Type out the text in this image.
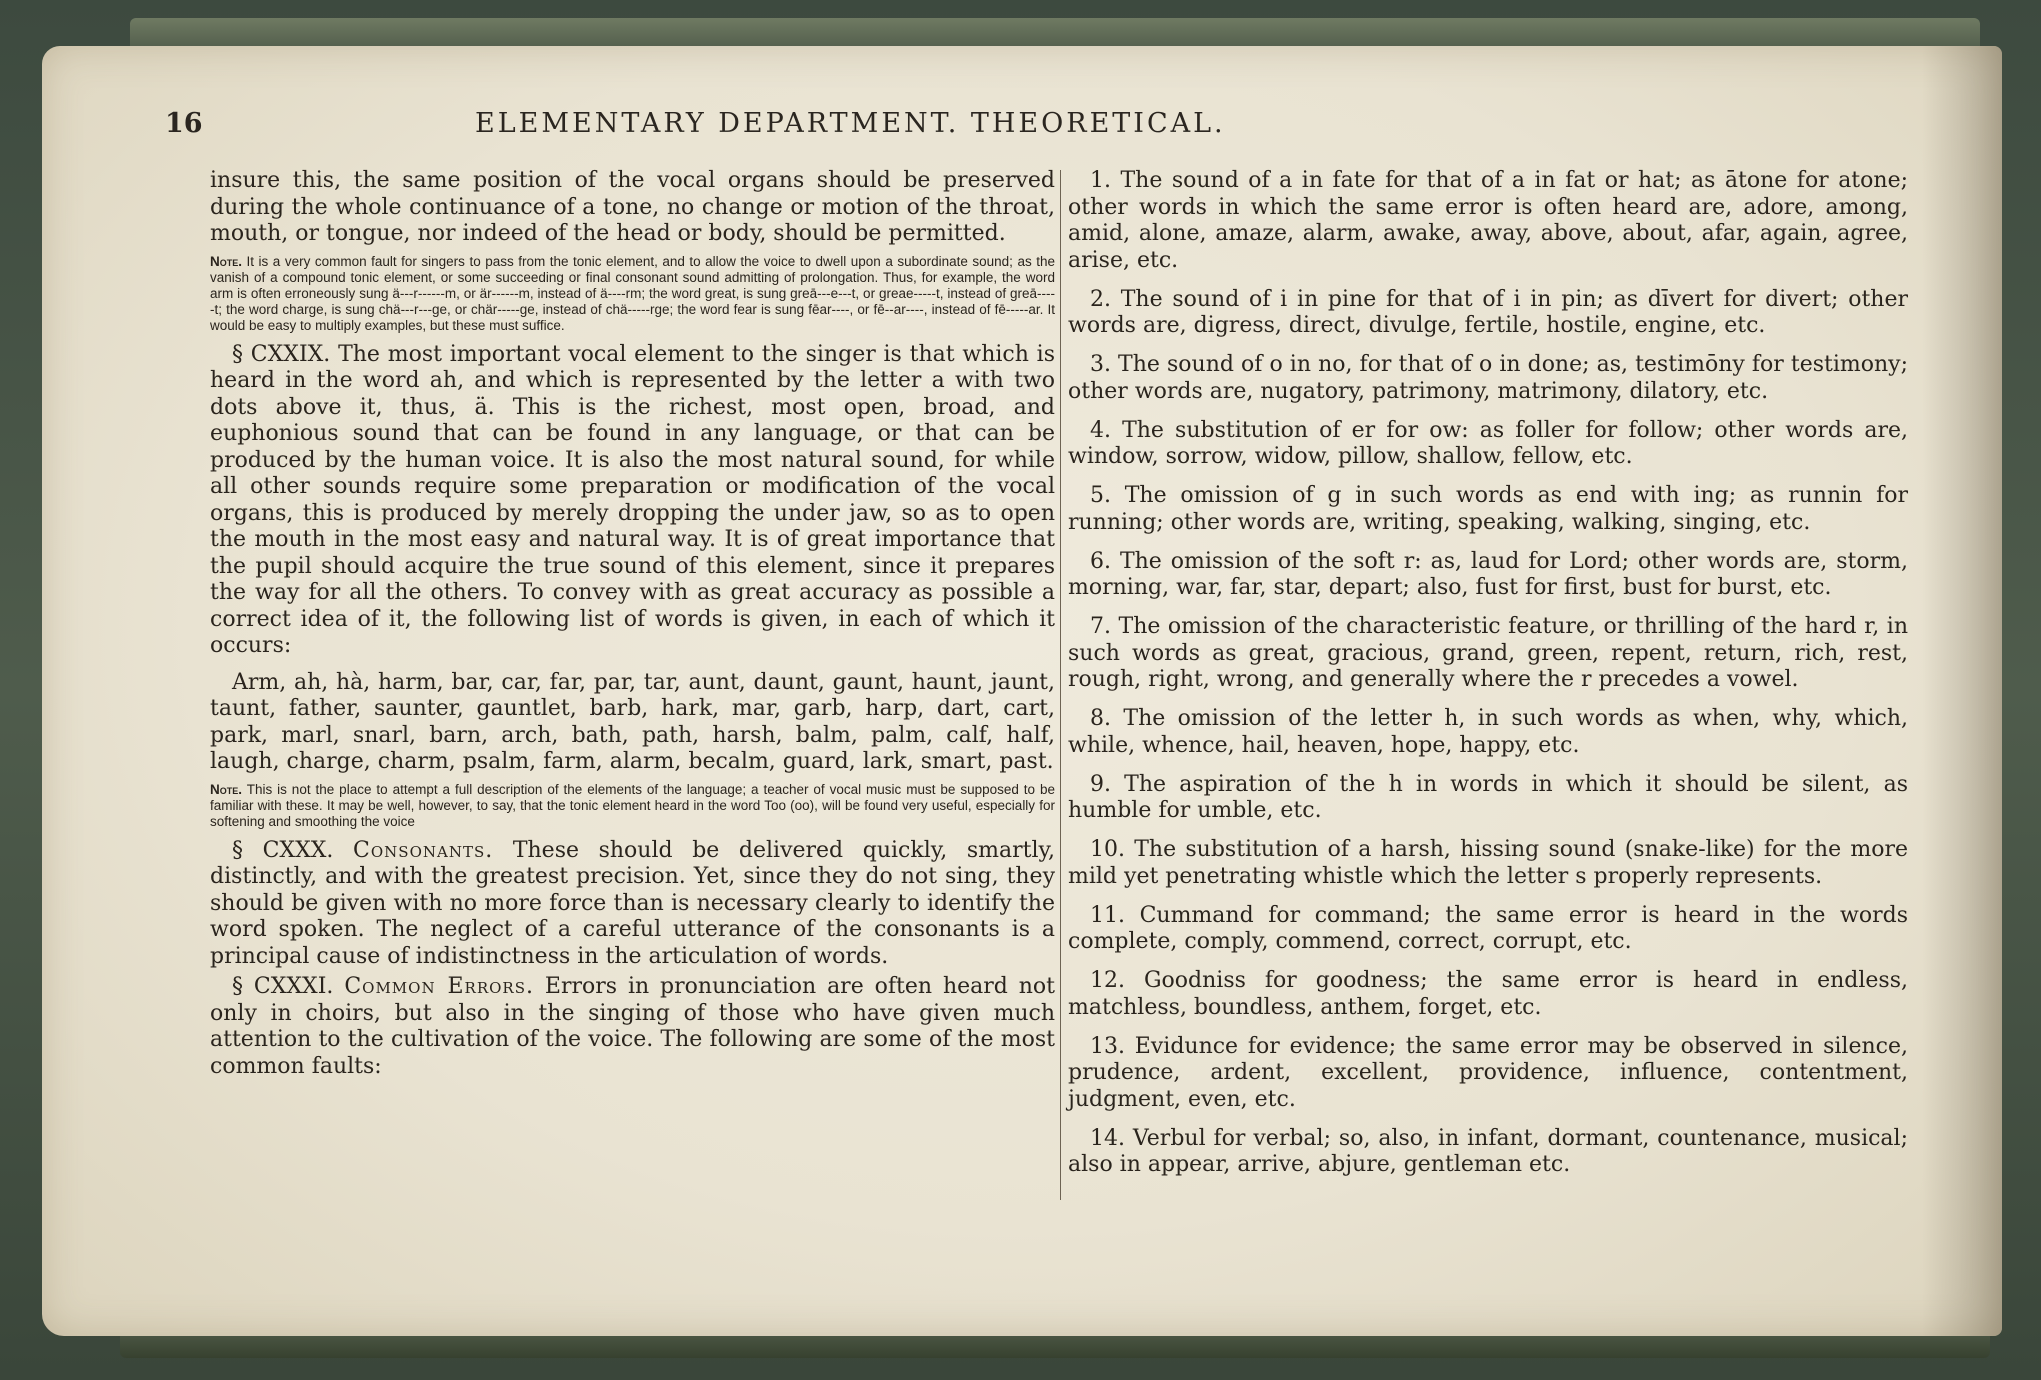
16	ELEMENTARY DEPARTMENT. THEORETICAL.

insure this, the same position of the vocal organs should be preserved during the whole continuance of a tone, no change or motion of the throat, mouth, or tongue, nor indeed of the head or body, should be permitted.

Note. It is a very common fault for singers to pass from the tonic element, and to allow the voice to dwell upon a subordinate sound; as the vanish of a compound tonic element, or some succeeding or final consonant sound admitting of prolongation. Thus, for example, the word arm is often erroneously sung ä---r------m, or är------m, instead of ä----rm; the word great, is sung greā---e---t, or greae-----t, instead of greā-----t; the word charge, is sung chä---r---ge, or chär-----ge, instead of chä-----rge; the word fear is sung fēar----, or fē--ar----, instead of fē-----ar. It would be easy to multiply examples, but these must suffice.

§ CXXIX. The most important vocal element to the singer is that which is heard in the word ah, and which is represented by the letter a with two dots above it, thus, ä. This is the richest, most open, broad, and euphonious sound that can be found in any language, or that can be produced by the human voice. It is also the most natural sound, for while all other sounds require some preparation or modification of the vocal organs, this is produced by merely dropping the under jaw, so as to open the mouth in the most easy and natural way. It is of great importance that the pupil should acquire the true sound of this element, since it prepares the way for all the others. To convey with as great accuracy as possible a correct idea of it, the following list of words is given, in each of which it occurs:

Arm, ah, hà, harm, bar, car, far, par, tar, aunt, daunt, gaunt, haunt, jaunt, taunt, father, saunter, gauntlet, barb, hark, mar, garb, harp, dart, cart, park, marl, snarl, barn, arch, bath, path, harsh, balm, palm, calf, half, laugh, charge, charm, psalm, farm, alarm, becalm, guard, lark, smart, past.

Note. This is not the place to attempt a full description of the elements of the language; a teacher of vocal music must be supposed to be familiar with these. It may be well, however, to say, that the tonic element heard in the word Too (oo), will be found very useful, especially for softening and smoothing the voice

§ CXXX. Consonants. These should be delivered quickly, smartly, distinctly, and with the greatest precision. Yet, since they do not sing, they should be given with no more force than is necessary clearly to identify the word spoken. The neglect of a careful utterance of the consonants is a principal cause of indistinctness in the articulation of words.

§ CXXXI. Common Errors. Errors in pronunciation are often heard not only in choirs, but also in the singing of those who have given much attention to the cultivation of the voice. The following are some of the most common faults:

1. The sound of a in fate for that of a in fat or hat; as ātone for atone; other words in which the same error is often heard are, adore, among, amid, alone, amaze, alarm, awake, away, above, about, afar, again, agree, arise, etc.

2. The sound of i in pine for that of i in pin; as dīvert for divert; other words are, digress, direct, divulge, fertile, hostile, engine, etc.

3. The sound of o in no, for that of o in done; as, testimōny for testimony; other words are, nugatory, patrimony, matrimony, dilatory, etc.

4. The substitution of er for ow: as foller for follow; other words are, window, sorrow, widow, pillow, shallow, fellow, etc.

5. The omission of g in such words as end with ing; as runnin for running; other words are, writing, speaking, walking, singing, etc.

6. The omission of the soft r: as, laud for Lord; other words are, storm, morning, war, far, star, depart; also, fust for first, bust for burst, etc.

7. The omission of the characteristic feature, or thrilling of the hard r, in such words as great, gracious, grand, green, repent, return, rich, rest, rough, right, wrong, and generally where the r precedes a vowel.

8. The omission of the letter h, in such words as when, why, which, while, whence, hail, heaven, hope, happy, etc.

9. The aspiration of the h in words in which it should be silent, as humble for umble, etc.

10. The substitution of a harsh, hissing sound (snake-like) for the more mild yet penetrating whistle which the letter s properly represents.

11. Cummand for command; the same error is heard in the words complete, comply, commend, correct, corrupt, etc.

12. Goodniss for goodness; the same error is heard in endless, matchless, boundless, anthem, forget, etc.

13. Evidunce for evidence; the same error may be observed in silence, prudence, ardent, excellent, providence, influence, contentment, judgment, even, etc.

14. Verbul for verbal; so, also, in infant, dormant, countenance, musical; also in appear, arrive, abjure, gentleman etc.
